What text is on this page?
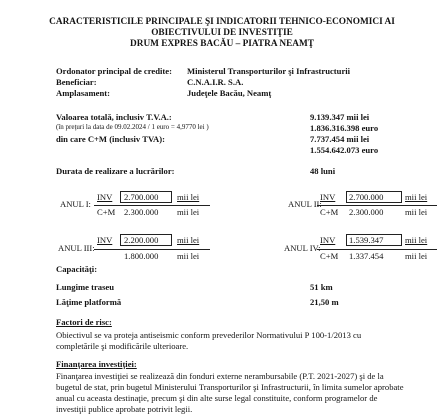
CARACTERISTICILE PRINCIPALE ŞI INDICATORII TEHNICO-ECONOMICI AI
OBIECTIVULUI DE INVESTIŢIE
DRUM EXPRES BACĂU – PIATRA NEAMŢ
Ordonator principal de credite: Ministerul Transporturilor şi Infrastructurii
Beneficiar:	C.N.A.I.R. S.A.
Amplasament:	Judeţele Bacău, Neamţ
Valoarea totală, inclusiv T.V.A.:	9.139.347 mii lei
(în preţuri la data de 09.02.2024 / 1 euro = 4,9770 lei )	1.836.316.398 euro
din care C+M (inclusiv TVA):	7.737.454 mii lei
1.554.642.073 euro
Durata de realizare a lucrărilor:	48 luni
ANUL I:
INV 2.700.000 mii lei
C+M 2.300.000 mii lei
ANUL II:
INV 2.700.000	mii lei
C+M 2.300.000	mii lei
ANUL III:
INV 2.200.000 mii lei
1.800.000 mii lei
ANUL IV:
INV 1.539.347	mii lei
C+M 1.337.454	mii lei
Capacităţi:
Lungime traseu	51 km
Lăţime platformă	21,50 m
Factori de risc:
Obiectivul se va proteja antiseismic conform prevederilor Normativului P 100-1/2013 cu
completările şi modificările ulterioare.
Finanţarea investiţiei:
Finanţarea investiţiei se realizează din fonduri externe nerambursabile (P.T. 2021-2027) şi de la
bugetul de stat, prin bugetul Ministerului Transporturilor şi Infrastructurii, în limita sumelor aprobate
anual cu aceasta destinaţie, precum şi din alte surse legal constituite, conform programelor de
investiţii publice aprobate potrivit legii.
